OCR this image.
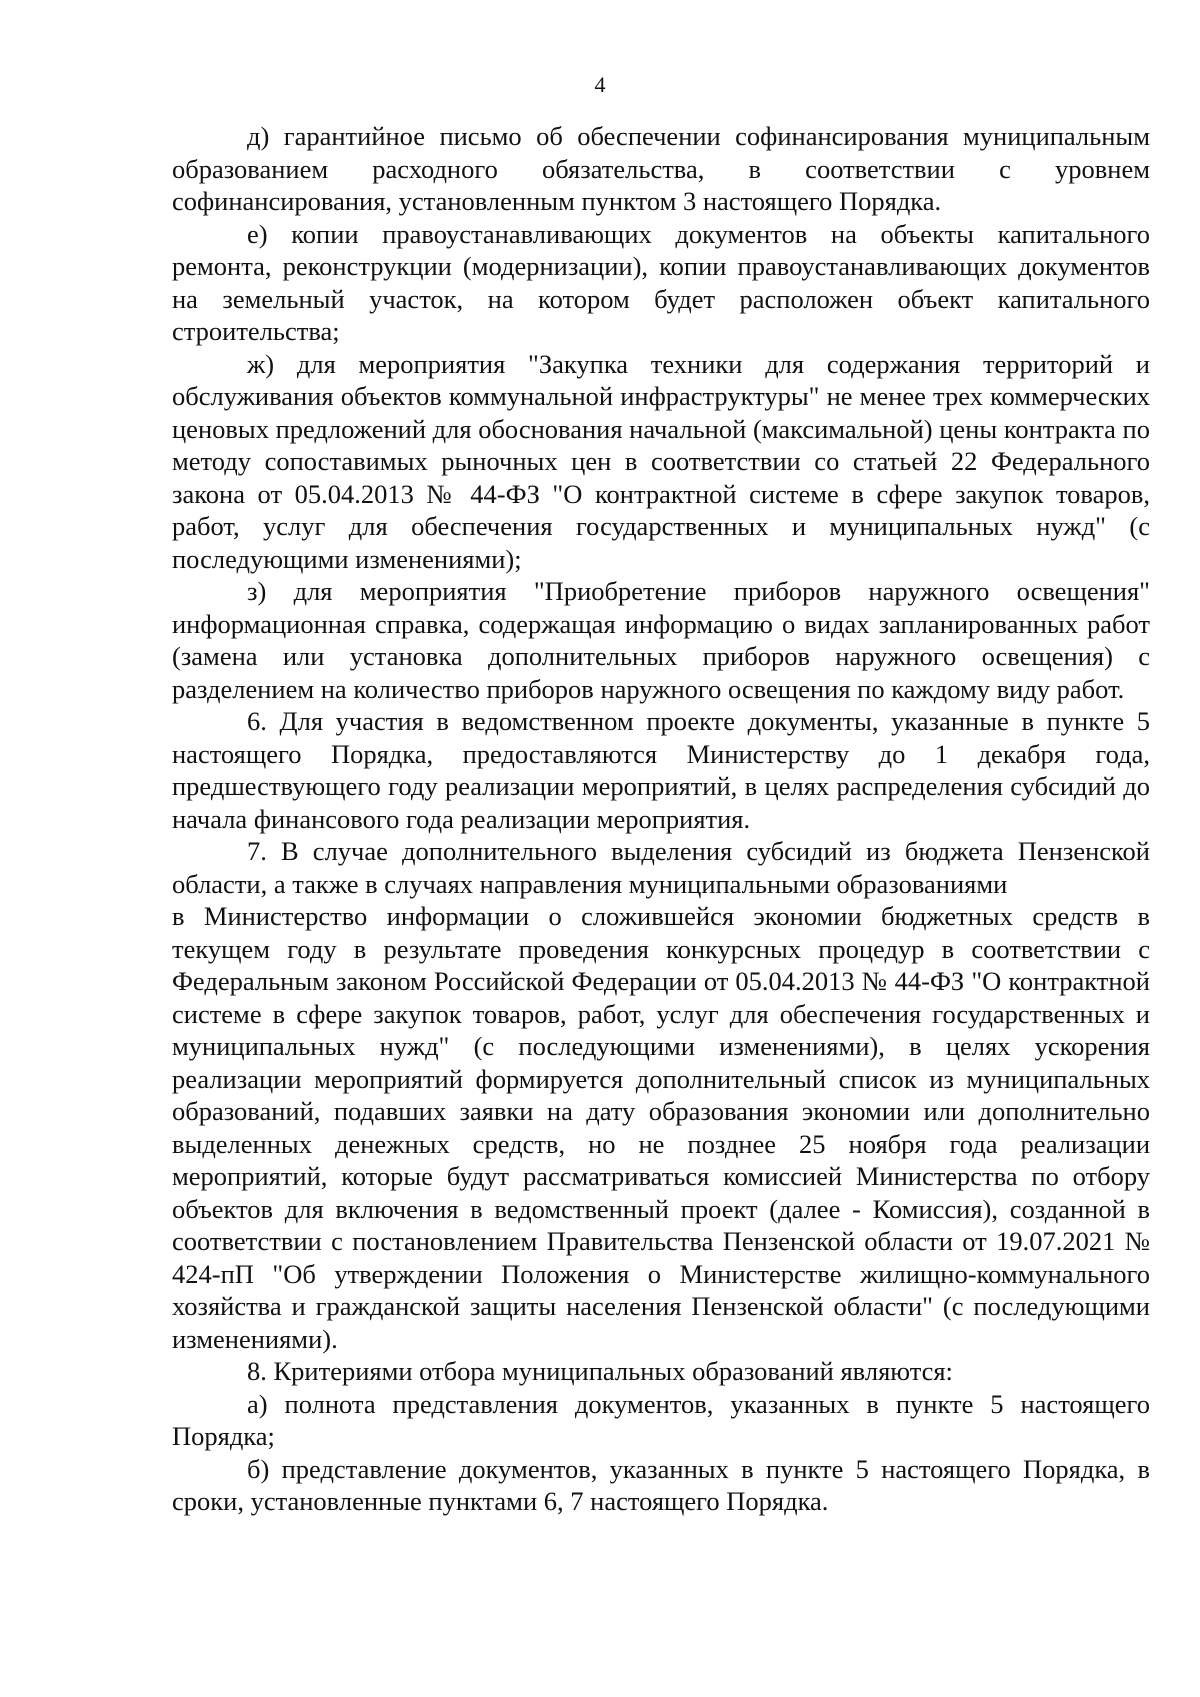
4

д) гарантийное письмо об обеспечении софинансирования муниципальным образованием расходного обязательства, в соответствии с уровнем софинансирования, установленным пунктом 3 настоящего Порядка.

е) копии правоустанавливающих документов на объекты капитального ремонта, реконструкции (модернизации), копии правоустанавливающих документов на земельный участок, на котором будет расположен объект капитального строительства;

ж) для мероприятия "Закупка техники для содержания территорий и обслуживания объектов коммунальной инфраструктуры" не менее трех коммерческих ценовых предложений для обоснования начальной (максимальной) цены контракта по методу сопоставимых рыночных цен в соответствии со статьей 22 Федерального закона от 05.04.2013 № 44-ФЗ "О контрактной системе в сфере закупок товаров, работ, услуг для обеспечения государственных и муниципальных нужд" (с последующими изменениями);

з) для мероприятия "Приобретение приборов наружного освещения" информационная справка, содержащая информацию о видах запланированных работ (замена или установка дополнительных приборов наружного освещения) с разделением на количество приборов наружного освещения по каждому виду работ.

6. Для участия в ведомственном проекте документы, указанные в пункте 5 настоящего Порядка, предоставляются Министерству до 1 декабря года, предшествующего году реализации мероприятий, в целях распределения субсидий до начала финансового года реализации мероприятия.

7. В случае дополнительного выделения субсидий из бюджета Пензенской области, а также в случаях направления муниципальными образованиями

в Министерство информации о сложившейся экономии бюджетных средств в текущем году в результате проведения конкурсных процедур в соответствии с Федеральным законом Российской Федерации от 05.04.2013 № 44-ФЗ "О контрактной системе в сфере закупок товаров, работ, услуг для обеспечения государственных и муниципальных нужд" (с последующими изменениями), в целях ускорения реализации мероприятий формируется дополнительный список из муниципальных образований, подавших заявки на дату образования экономии или дополнительно выделенных денежных средств, но не позднее 25 ноября года реализации мероприятий, которые будут рассматриваться комиссией Министерства по отбору объектов для включения в ведомственный проект (далее - Комиссия), созданной в соответствии с постановлением Правительства Пензенской области от 19.07.2021 № 424-пП "Об утверждении Положения о Министерстве жилищно-коммунального хозяйства и гражданской защиты населения Пензенской области" (с последующими изменениями).

8. Критериями отбора муниципальных образований являются:

а) полнота представления документов, указанных в пункте 5 настоящего Порядка;

б) представление документов, указанных в пункте 5 настоящего Порядка, в сроки, установленные пунктами 6, 7 настоящего Порядка.
